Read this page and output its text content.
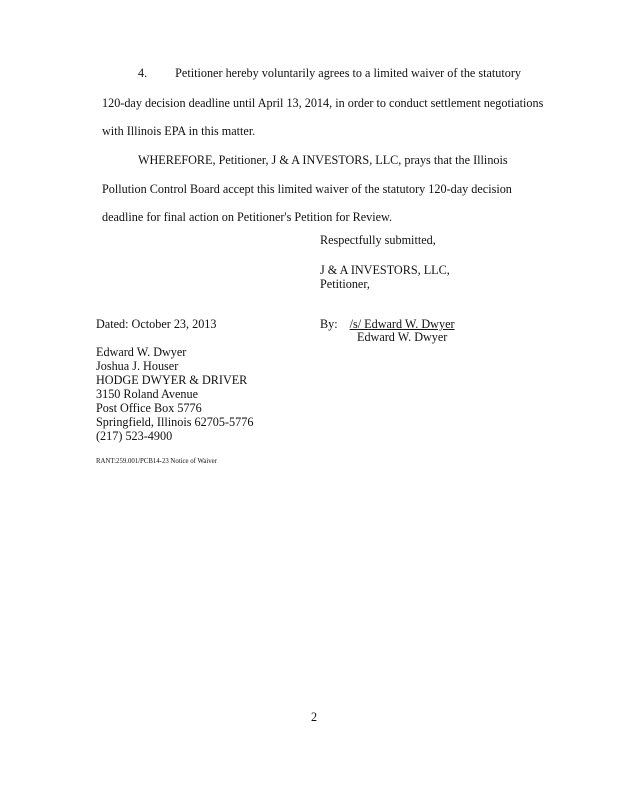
4. Petitioner hereby voluntarily agrees to a limited waiver of the statutory
120-day decision deadline until April 13, 2014, in order to conduct settlement negotiations
with Illinois EPA in this matter.
WHEREFORE, Petitioner, J & A INVESTORS, LLC, prays that the Illinois
Pollution Control Board accept this limited waiver of the statutory 120-day decision
deadline for final action on Petitioner's Petition for Review.
Respectfully submitted,
J & A INVESTORS, LLC,
Petitioner,
Dated: October 23, 2013	By: /s/ Edward W. Dwyer
Edward W. Dwyer
Edward W. Dwyer
Joshua J. Houser
HODGE DWYER & DRIVER
3150 Roland Avenue
Post Office Box 5776
Springfield, Illinois 62705-5776
(217) 523-4900
RANT:259.001/PCB14-23 Notice of Waiver
2
